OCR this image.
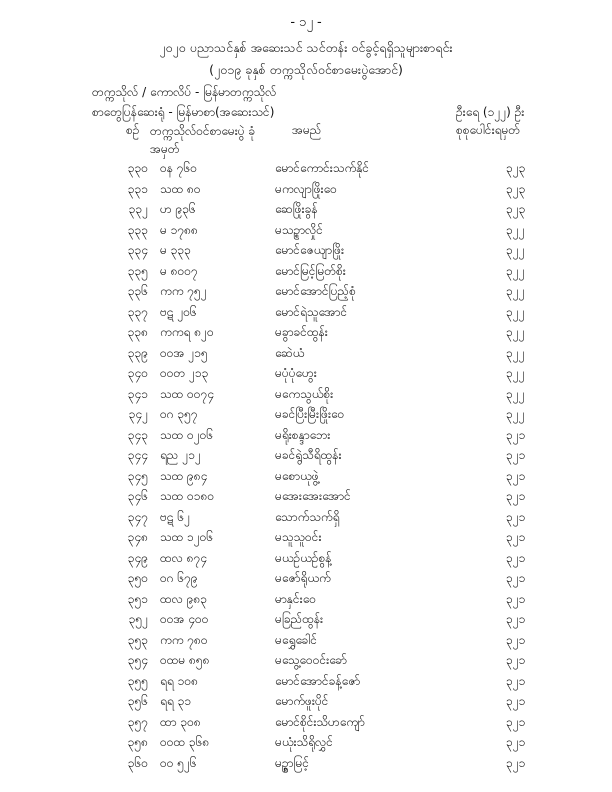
- ၁၂ -
၂၀၂၀ ပညာသင်နှစ် အဆေးသင် သင်တန်း ဝင်ခွင့်ရရှိသူများစာရင်း
(၂၀၁၉ ခုနှစ် တက္ကသိုလ်ဝင်စာမေးပွဲအောင်)
တက္ကသိုလ် / ကောလိပ် - မြန်မာတက္ကသိုလ်
စာတွေပြန်ဆေးရုံ - မြန်မာစာ(အဆေးသင်)	ဦးရေ (၁၂၂) ဦး
စဉ် တက္ကသိုလ်ဝင်စာမေးပွဲ ခုံအမှတ်
အမည်	စုစုပေါင်းရမှတ်
၃၃၀ ဝန ၇၆၀	မောင်ကောင်းသက်နိုင်	၃၂၃
၃၃၁ သထ ၈၀	မကလျာဖြိုးဝေ	၃၂၃
၃၃၂ ဟ ၉၃၆	ဆေဖြိုးခွန်	၃၂၃
၃၃၃ မ ၁၇၈၈	မသဉ္စာလှိုင်	၃၂၂
၃၃၄ မ ၃၃၃	မောင်ဇေယျာဖြိုး	၃၂၂
၃၃၅ မ ၈၀၀၇	မောင်မြင့်မြတ်စိုး	၃၂၂
၃၃၆ ကက ၇၅၂	မောင်အောင်ပြည့်စုံ	၃၂၂
၃၃၇ ဗဋ ၂၀၆	မောင်ရဲသူအောင်	၃၂၂
၃၃၈ ကကရ ၈၂၀	မခွာခင်ထွန်း	၃၂၂
၃၃၉ ဝဝအ ၂၁၅	ဆေဲယံ	၃၂၂
၃၄၀ ဝဝတ ၂၁၃	မပုံပုံဟွေး	၃၂၂
၃၄၁ သထ ၀၀၇၄	မကေသွယ်စိုး	၃၂၂
၃၄၂ ဝဂ ၃၅၇	မခင်ပြီးမြီးဖြိုးဝေ	၃၂၂
၃၄၃ သထ ၀၂၀၆	မရိုးစန္ဒာဘေး	၃၂၁
၃၄၄ ရည ၂၁၂	မခင်ရွဲသီရိထွန်း	၃၂၁
၃၄၅ သထ ၉၈၄	မစောယုဖွဲ့	၃၂၁
၃၄၆ သထ ၀၁၈၀	မအေးအေးအောင်	၃၂၁
၃၄၇ ဗဋ ၆၂	သောက်သက်ရှိ	၃၂၁
၃၄၈ သထ ၁၂၀၆	မသူသူဝင်း	၃၂၁
၃၄၉ ထလ ၈၇၄	မယဉ်ယဉ်စွန့်	၃၂၁
၃၅၀ ဝဂ ၆၇၉	မဇော်ရိုယက်	၃၂၁
၃၅၁ ထလ ၉၈၃	မာနှင်းဝေ	၃၂၁
၃၅၂ ဝဝအ ၄၀၀	မခြည်ထွန်း	၃၂၁
၃၅၃ ကက ၇၈၀	မရွှေခေါင်	၃၂၁
၃၅၄ ဝထမ ၈၅၈	မသွေ့ဝေဝင်းခော်	၃၂၁
၃၅၅ ရရ ၁၀၈	မောင်အောင်ခန့်ဇော်	၃၂၁
၃၅၆ ရရ ၃၁	မောက်ဖူးပိုင်	၃၂၁
၃၅၇ ထာ ၃၀၈	မောင်စိုင်းသိဟကျော်	၃၂၁
၃၅၈ ဝဝထ ၃၆၈	မယုံးသိရိုလွှင်	၃၂၁
၃၆၀ ဝဝ ၅၂၆	မဥ္စွာမြင့်	၃၂၁
